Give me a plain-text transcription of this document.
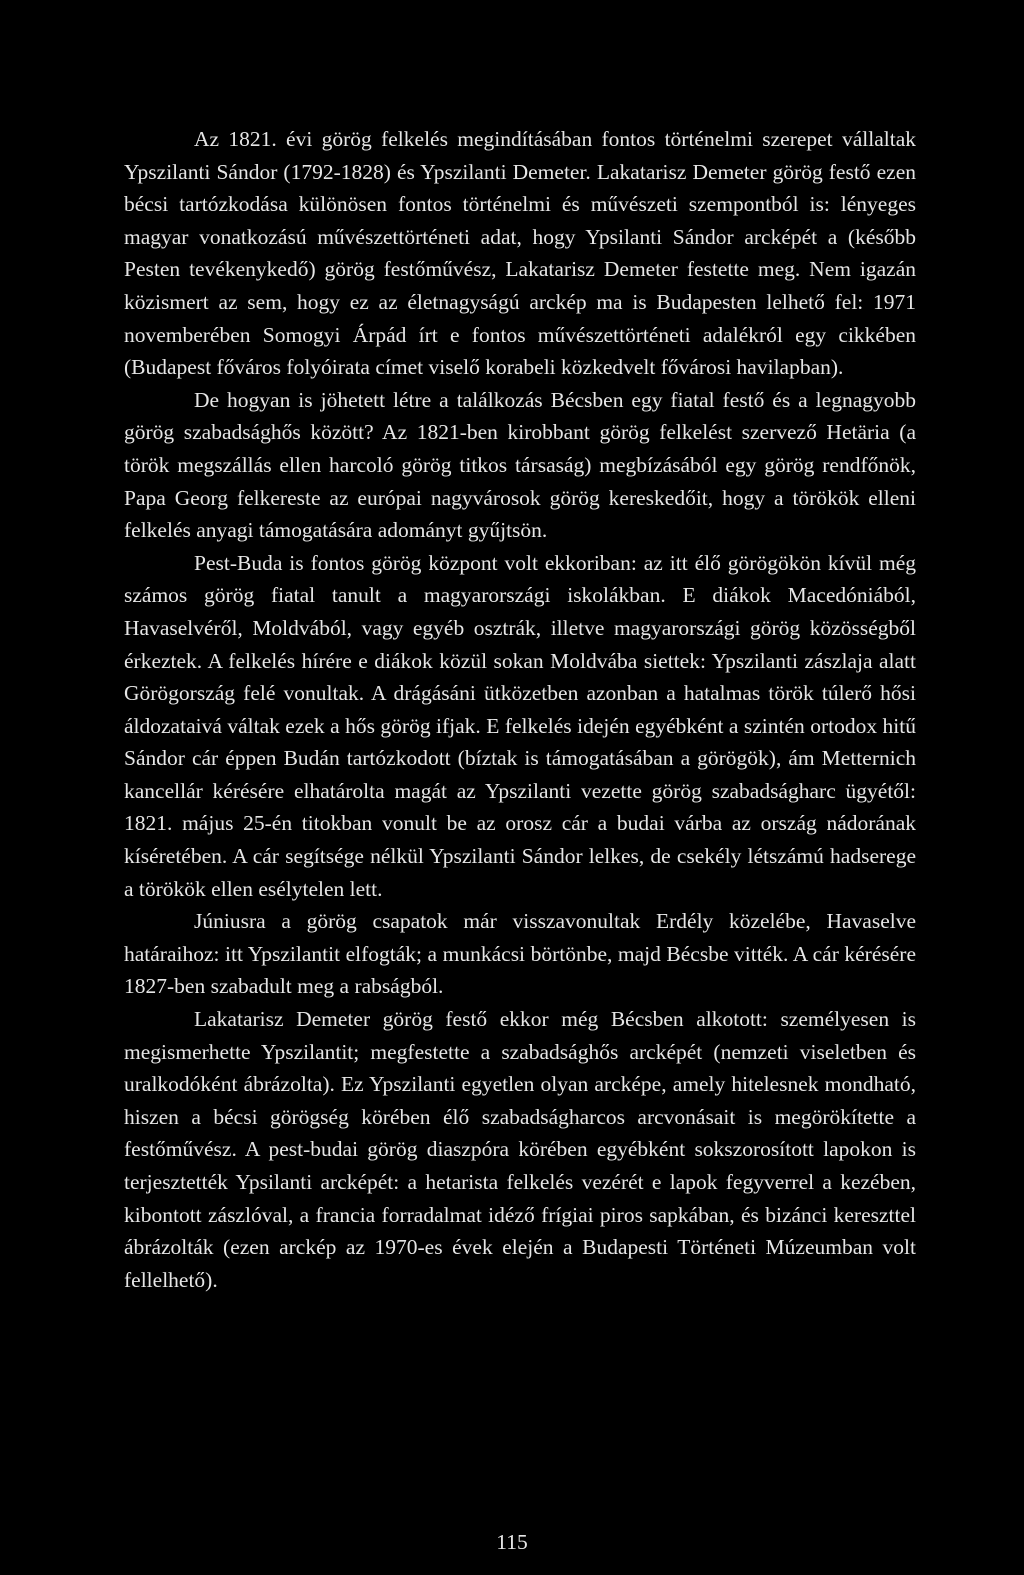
Az 1821. évi görög felkelés megindításában fontos történelmi szerepet vállaltak Ypszilanti Sándor (1792-1828) és Ypszilanti Demeter. Lakatarisz Demeter görög festő ezen bécsi tartózkodása különösen fontos történelmi és művészeti szempontból is: lényeges magyar vonatkozású művészettörténeti adat, hogy Ypsilanti Sándor arcképét a (később Pesten tevékenykedő) görög festőművész, Lakatarisz Demeter festette meg. Nem igazán közismert az sem, hogy ez az életnagyságú arckép ma is Budapesten lelhető fel: 1971 novemberében Somogyi Árpád írt e fontos művészettörténeti adalékról egy cikkében (Budapest főváros folyóirata címet viselő korabeli közkedvelt fővárosi havilapban).

De hogyan is jöhetett létre a találkozás Bécsben egy fiatal festő és a legnagyobb görög szabadsághős között? Az 1821-ben kirobbant görög felkelést szervező Hetäria (a török megszállás ellen harcoló görög titkos társaság) megbízásából egy görög rendfőnök, Papa Georg felkereste az európai nagyvárosok görög kereskedőit, hogy a törökök elleni felkelés anyagi támogatására adományt gyűjtsön.

Pest-Buda is fontos görög központ volt ekkoriban: az itt élő görögökön kívül még számos görög fiatal tanult a magyarországi iskolákban. E diákok Macedóniából, Havaselvéről, Moldvából, vagy egyéb osztrák, illetve magyarországi görög közösségből érkeztek. A felkelés hírére e diákok közül sokan Moldvába siettek: Ypszilanti zászlaja alatt Görögország felé vonultak. A drágásáni ütközetben azonban a hatalmas török túlerő hősi áldozataivá váltak ezek a hős görög ifjak. E felkelés idején egyébként a szintén ortodox hitű Sándor cár éppen Budán tartózkodott (bíztak is támogatásában a görögök), ám Metternich kancellár kérésére elhatárolta magát az Ypszilanti vezette görög szabadságharc ügyétől: 1821. május 25-én titokban vonult be az orosz cár a budai várba az ország nádorának kíséretében. A cár segítsége nélkül Ypszilanti Sándor lelkes, de csekély létszámú hadserege a törökök ellen esélytelen lett.

Júniusra a görög csapatok már visszavonultak Erdély közelébe, Havaselve határaihoz: itt Ypszilantit elfogták; a munkácsi börtönbe, majd Bécsbe vitték. A cár kérésére 1827-ben szabadult meg a rabságból.

Lakatarisz Demeter görög festő ekkor még Bécsben alkotott: személyesen is megismerhette Ypszilantit; megfestette a szabadsághős arcképét (nemzeti viseletben és uralkodóként ábrázolta). Ez Ypszilanti egyetlen olyan arcképe, amely hitelesnek mondható, hiszen a bécsi görögség körében élő szabadságharcos arcvonásait is megörökítette a festőművész. A pest-budai görög diaszpóra körében egyébként sokszorosított lapokon is terjesztették Ypsilanti arcképét: a hetarista felkelés vezérét e lapok fegyverrel a kezében, kibontott zászlóval, a francia forradalmat idéző frígiai piros sapkában, és bizánci kereszttel ábrázolták (ezen arckép az 1970-es évek elején a Budapesti Történeti Múzeumban volt fellelhető).

115
